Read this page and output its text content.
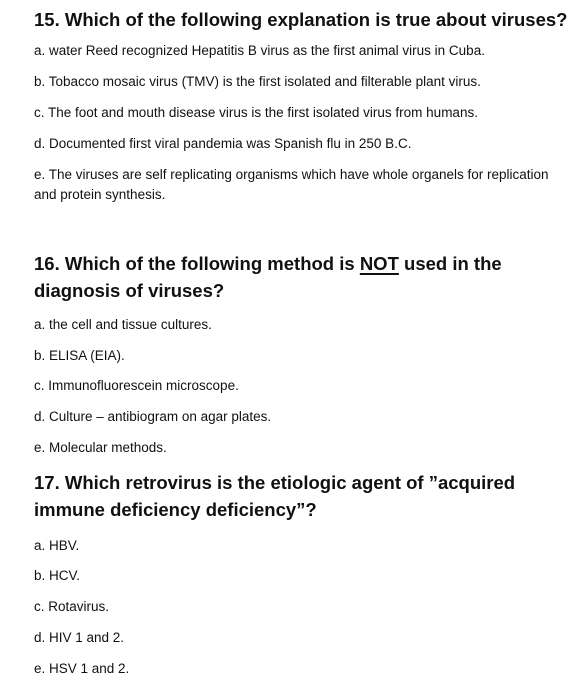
15. Which of the following explanation is true about viruses?
a. water Reed recognized Hepatitis B virus as the first animal virus in Cuba.
b. Tobacco mosaic virus (TMV) is the first isolated and filterable plant virus.
c. The foot and mouth disease virus is the first isolated virus from humans.
d. Documented first viral pandemia was Spanish flu in 250 B.C.
e. The viruses are self replicating organisms which have whole organels for replication and protein synthesis.
16. Which of the following method is NOT used in the
diagnosis of viruses?
a. the cell and tissue cultures.
b. ELISA (EIA).
c. Immunofluorescein microscope.
d. Culture – antibiogram on agar plates.
e. Molecular methods.
17. Which retrovirus is the etiologic agent of ”acquired
immune deficiency deficiency”?
a. HBV.
b. HCV.
c. Rotavirus.
d. HIV 1 and 2.
e. HSV 1 and 2.
